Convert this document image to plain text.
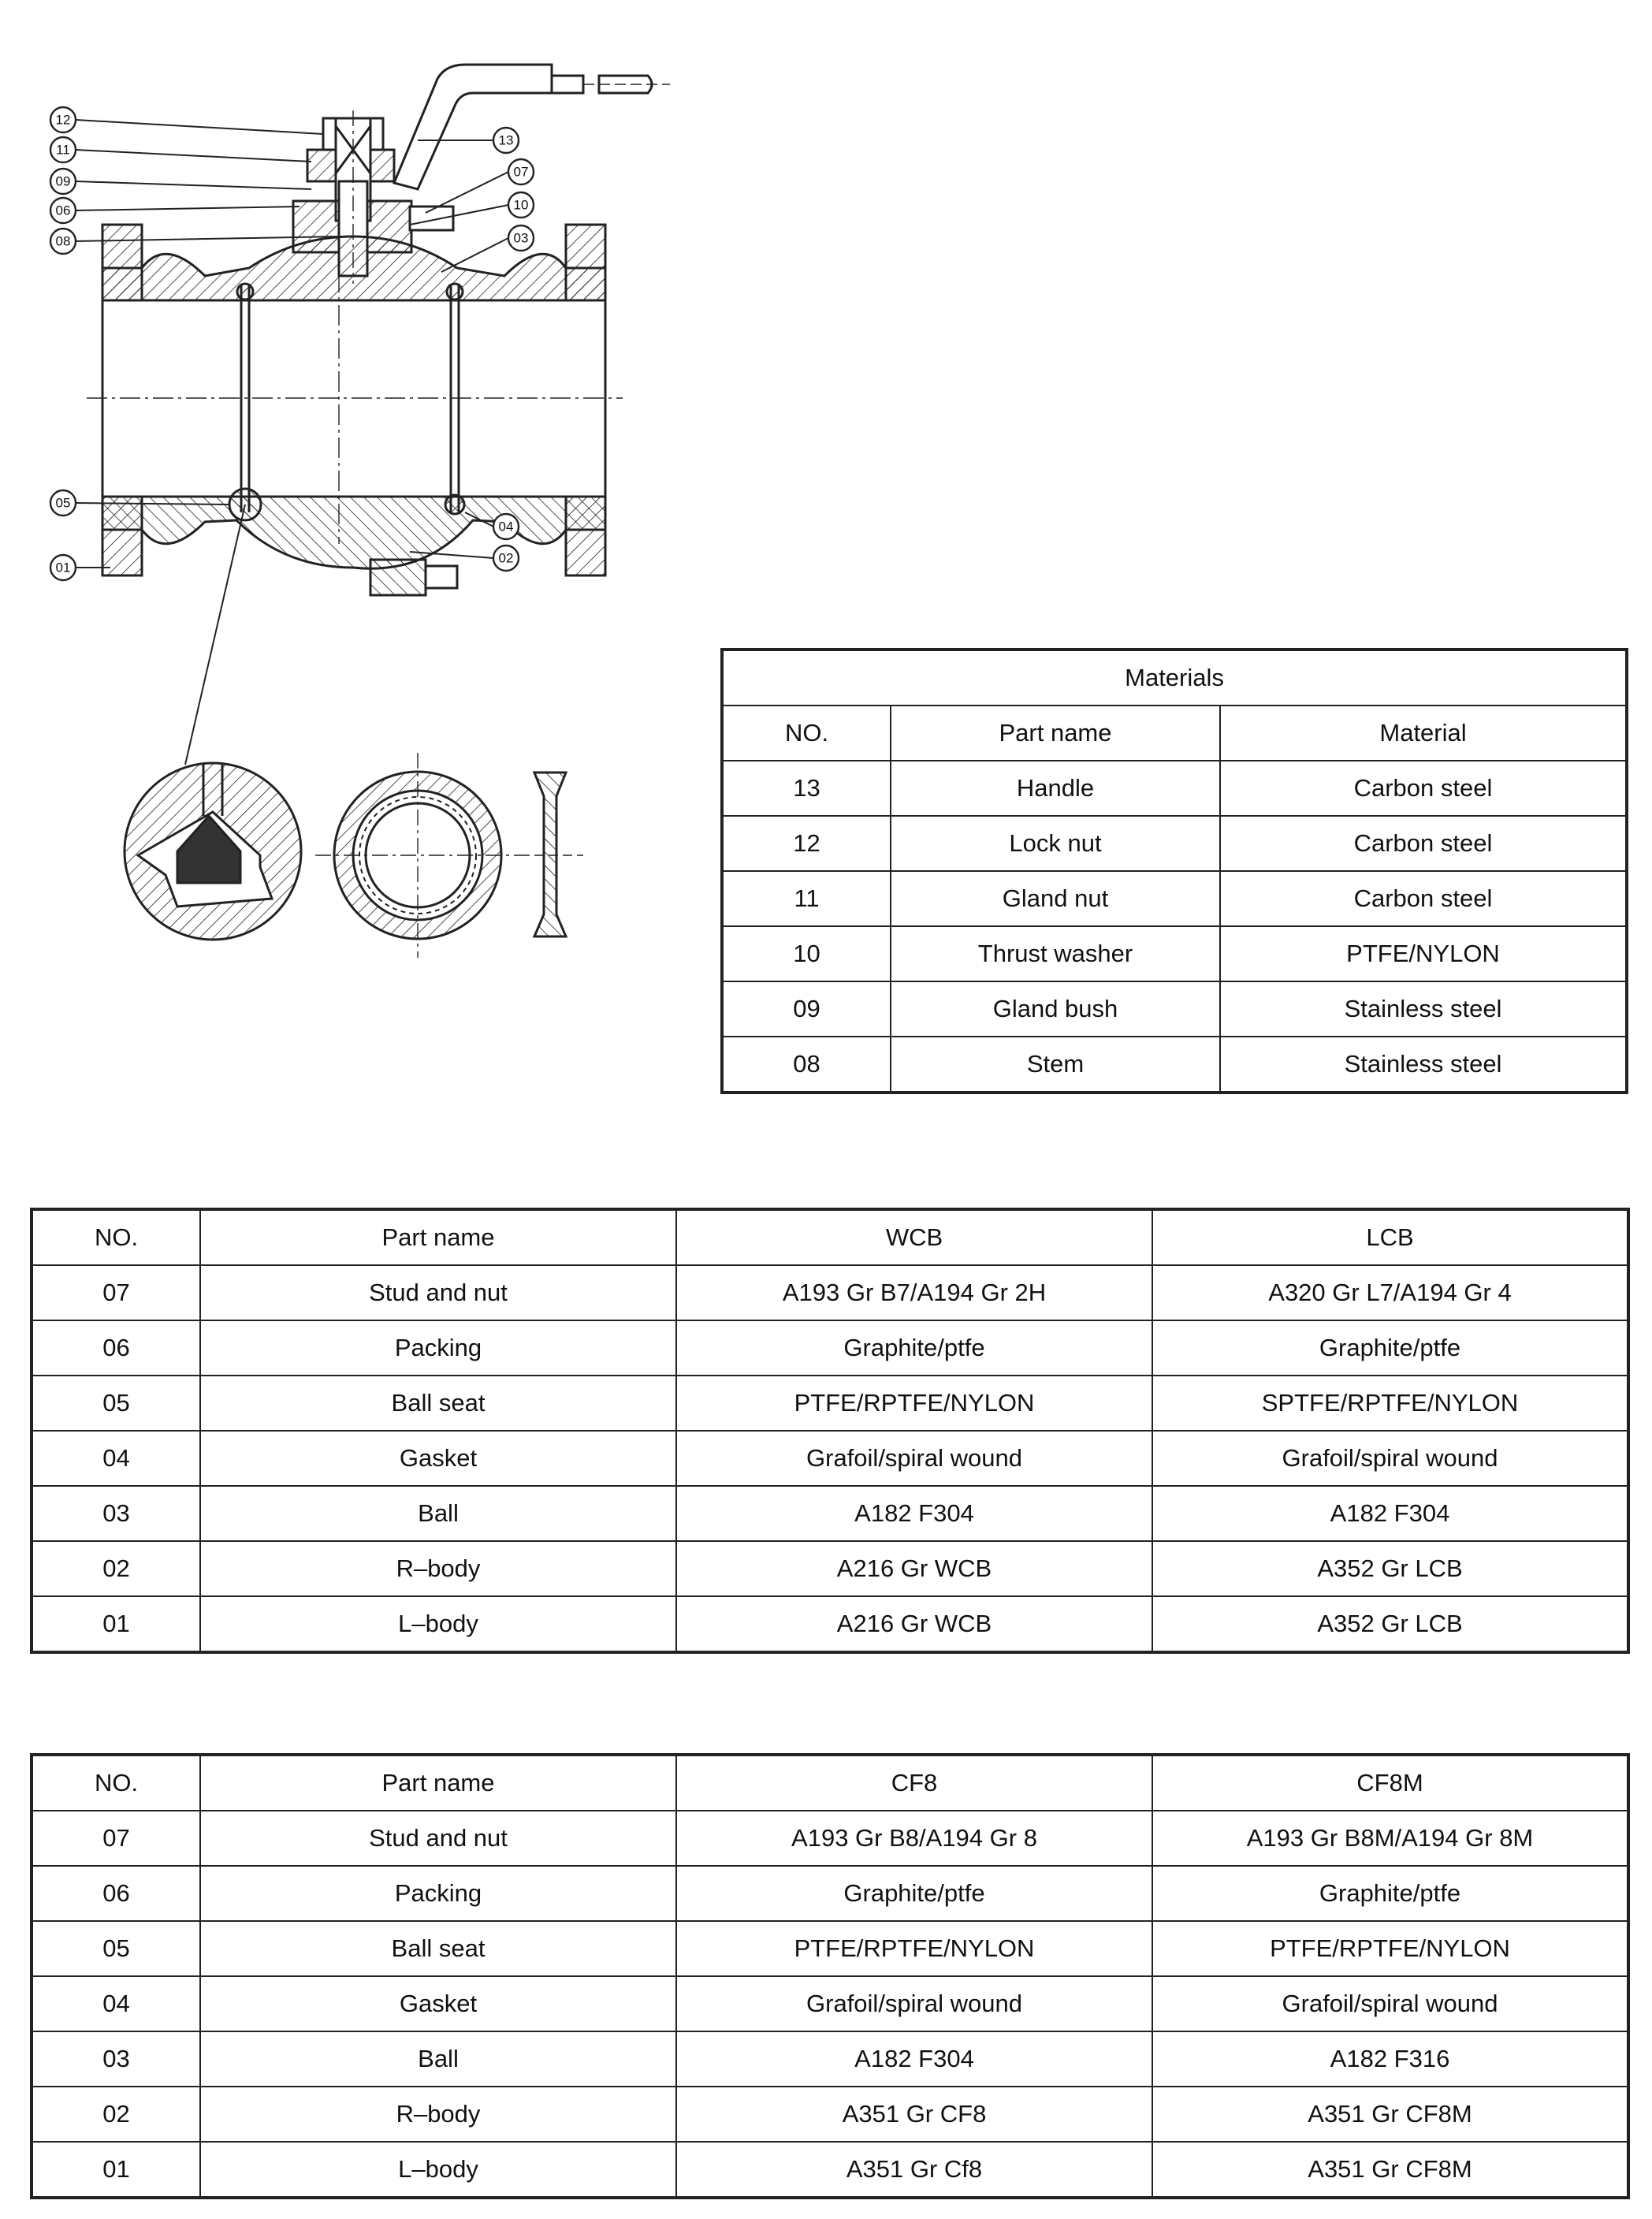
12
11
09
06
08
13
07
10
03
05
01
04
02
Materials		
NO.	Part name	Material
13	Handle	Carbon steel
12	Lock nut	Carbon steel
11	Gland nut	Carbon steel
10	Thrust washer	PTFE/NYLON
09	Gland bush	Stainless steel
08	Stem	Stainless steel
NO.	Part name	WCB	LCB
07	Stud and nut	A193 Gr B7/A194 Gr 2H	A320 Gr L7/A194 Gr 4
06	Packing	Graphite/ptfe	Graphite/ptfe
05	Ball seat	PTFE/RPTFE/NYLON	SPTFE/RPTFE/NYLON
04	Gasket	Grafoil/spiral wound	Grafoil/spiral wound
03	Ball	A182 F304	A182 F304
02	R–body	A216 Gr WCB	A352 Gr LCB
01	L–body	A216 Gr WCB	A352 Gr LCB
NO.	Part name	CF8	CF8M
07	Stud and nut	A193 Gr B8/A194 Gr 8	A193 Gr B8M/A194 Gr 8M
06	Packing	Graphite/ptfe	Graphite/ptfe
05	Ball seat	PTFE/RPTFE/NYLON	PTFE/RPTFE/NYLON
04	Gasket	Grafoil/spiral wound	Grafoil/spiral wound
03	Ball	A182 F304	A182 F316
02	R–body	A351 Gr CF8	A351 Gr CF8M
01	L–body	A351 Gr Cf8	A351 Gr CF8M
